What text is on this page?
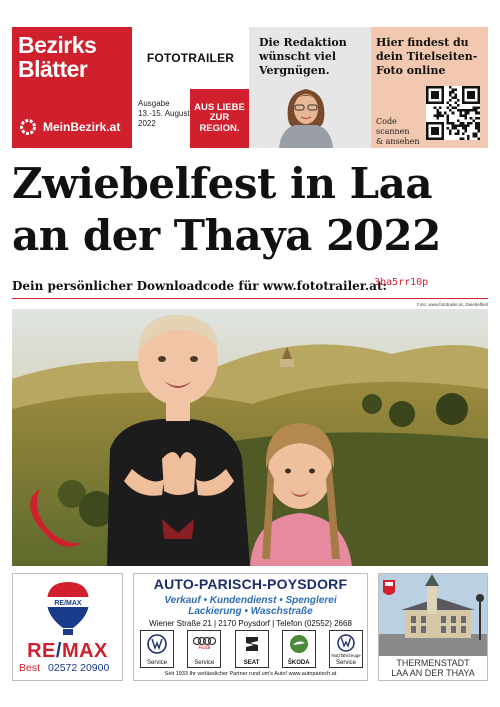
Bezirks
Blätter
MeinBezirk.at
FOTOTRAILER
Ausgabe
13.-15. August
2022
AUS LIEBE
ZUR
REGION.
Die Redaktion
wünscht viel
Vergnügen.
Hier findest du
dein Titelseiten-
Foto online
Code
scannen
& ansehen
Zwiebelfest in Laa
an der Thaya 2022
Dein persönlicher Downloadcode für www.fototrailer.at:
3ba5rr10p
Foto: www.fototrailer.at, Zwiebelfest
RE/MAX
RE/MAX
Best 02572 20900
AUTO-PARISCH-POYSDORF
Verkauf • Kundendienst • Spenglerei
Lackierung • Waschstraße
Wiener Straße 21 | 2170 Poysdorf | Telefon (02552) 2668
Service
Audi
Service	SEAT	ŠKODA
Nutzfahrzeuge
Service
Seit 1933 Ihr verlässlicher Partner rund um's Auto! www.autoparisch.at
THERMENSTADT
LAA AN DER THAYA
